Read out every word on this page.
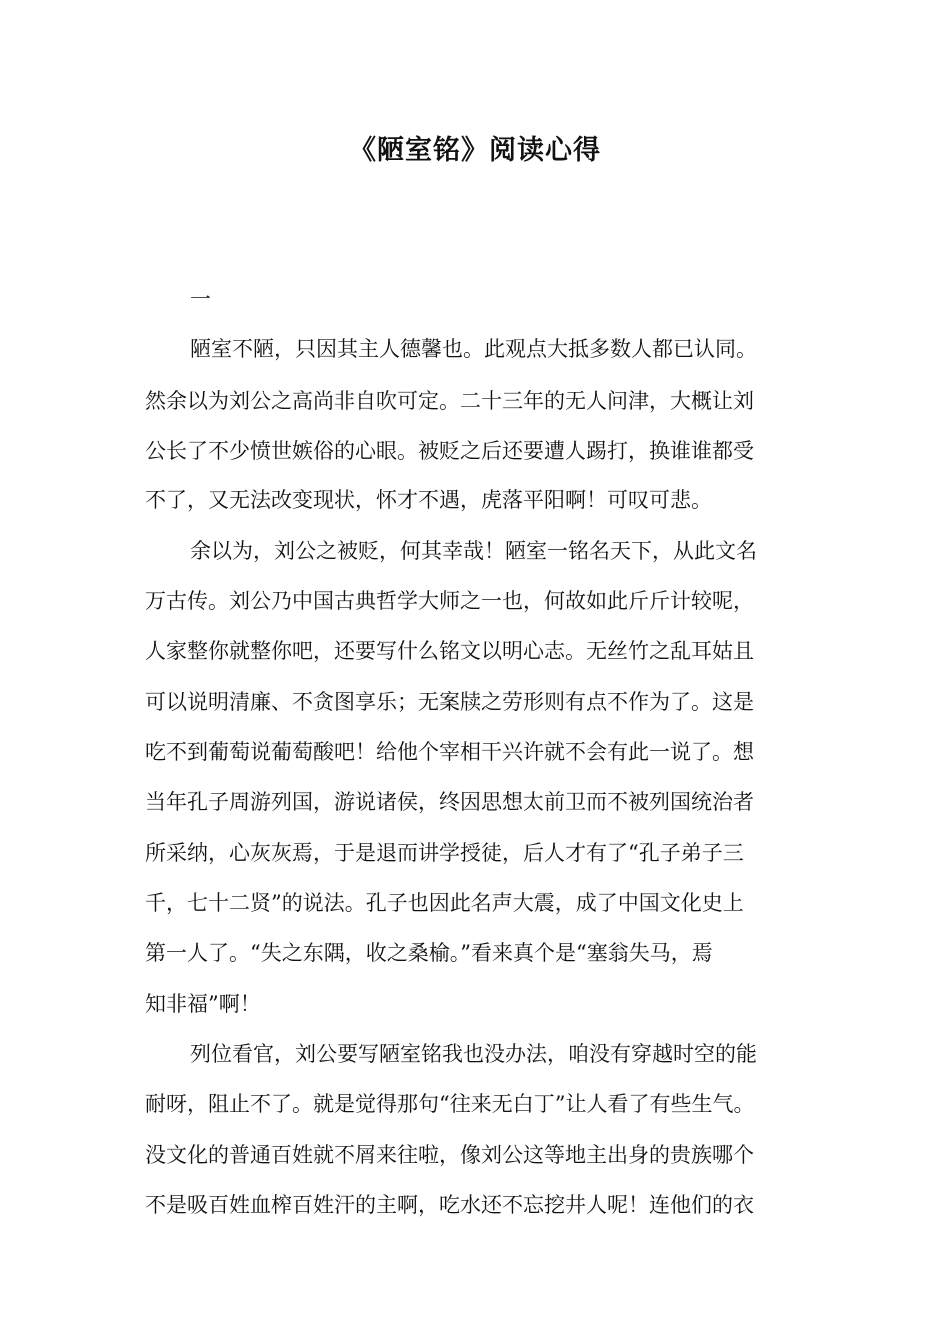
《陋室铭》阅读心得
一

陋室不陋，只因其主人德馨也。此观点大抵多数人都已认同。

然余以为刘公之高尚非自吹可定。二十三年的无人问津，大概让刘

公长了不少愤世嫉俗的心眼。被贬之后还要遭人踢打，换谁谁都受

不了，又无法改变现状，怀才不遇，虎落平阳啊！可叹可悲。

余以为，刘公之被贬，何其幸哉！陋室一铭名天下，从此文名

万古传。刘公乃中国古典哲学大师之一也，何故如此斤斤计较呢，

人家整你就整你吧，还要写什么铭文以明心志。无丝竹之乱耳姑且

可以说明清廉、不贪图享乐；无案牍之劳形则有点不作为了。这是

吃不到葡萄说葡萄酸吧！给他个宰相干兴许就不会有此一说了。想

当年孔子周游列国，游说诸侯，终因思想太前卫而不被列国统治者

所采纳，心灰灰焉，于是退而讲学授徒，后人才有了“孔子弟子三

千，七十二贤”的说法。孔子也因此名声大震，成了中国文化史上

第一人了。“失之东隅，收之桑榆。”看来真个是“塞翁失马，焉

知非福”啊！

列位看官，刘公要写陋室铭我也没办法，咱没有穿越时空的能

耐呀，阻止不了。就是觉得那句“往来无白丁”让人看了有些生气。

没文化的普通百姓就不屑来往啦，像刘公这等地主出身的贵族哪个

不是吸百姓血榨百姓汗的主啊，吃水还不忘挖井人呢！连他们的衣
